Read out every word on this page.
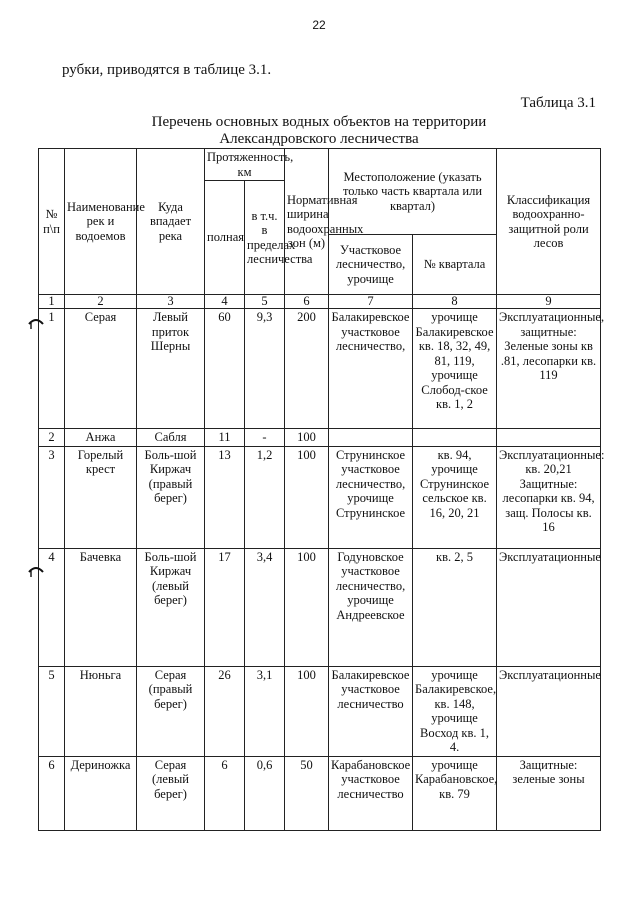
22
рубки, приводятся в таблице 3.1.
Таблица 3.1
Перечень основных водных объектов на территории
Александровского лесничества
№ п\п	Наименование рек и водоемов	Куда впадает река	Протяженность, км		Нормативная ширина водоохранных зон (м)	Местоположение (указать только часть квартала или квартал)		Классификация водоохранно-защитной роли лесов
			полная	в т.ч. в пределах лесничества				
						Участковое лесничество, урочище	№ квартала	
1	2	3	4	5	6	7	8	9
1	Серая	Левый приток Шерны	60	9,3	200	Балакиревское участковое лесничество,	урочище Балакиревское кв. 18, 32, 49, 81, 119, урочище Слобод-ское кв. 1, 2	Эксплуатационные, защитные: Зеленые зоны кв .81, лесопарки кв. 119
2	Анжа	Сабля	11	-	100			
3	Горелый крест	Боль-шой Киржач (правый берег)	13	1,2	100	Струнинское участковое лесничество, урочище Струнинское	кв. 94, урочище Струнинское сельское кв. 16, 20, 21	Эксплуатационные: кв. 20,21 Защитные: лесопарки кв. 94, защ. Полосы кв. 16
4	Бачевка	Боль-шой Киржач (левый берег)	17	3,4	100	Годуновское участковое лесничество, урочище Андреевское	кв. 2, 5	Эксплуатационные
5	Нюньга	Серая (правый берег)	26	3,1	100	Балакиревское участковое лесничество	урочище Балакиревское, кв. 148, урочище Восход кв. 1, 4.	Эксплуатационные
6	Дериножка	Серая (левый берег)	6	0,6	50	Карабановское участковое лесничество	урочище Карабановское, кв. 79	Защитные: зеленые зоны
